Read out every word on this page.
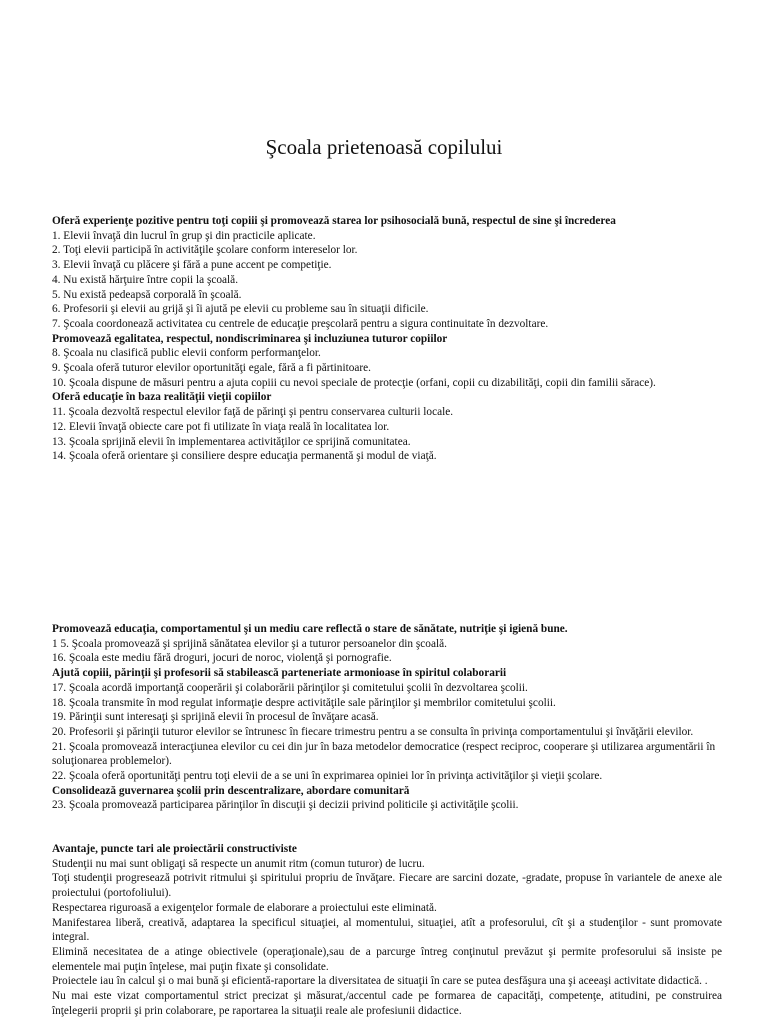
Şcoala prietenoasă copilului

Oferă experienţe pozitive pentru toţi copiii şi promovează starea lor psihosocială bună, respectul de sine şi încrederea

1. Elevii învaţă din lucrul în grup şi din practicile aplicate.

2. Toţi elevii participă în activităţile şcolare conform intereselor lor.

3. Elevii învaţă cu plăcere şi fără a pune accent pe competiţie.

4. Nu există hărţuire între copii la şcoală.

5. Nu există pedeapsă corporală în şcoală.

6. Profesorii şi elevii au grijă şi îi ajută pe elevii cu probleme sau în situaţii dificile.

7. Şcoala coordonează activitatea cu centrele de educaţie preşcolară pentru a sigura continuitate în dezvoltare.

Promovează egalitatea, respectul, nondiscriminarea şi incluziunea tuturor copiilor

8. Şcoala nu clasifică public elevii conform performanţelor.

9. Şcoala oferă tuturor elevilor oportunităţi egale, fără a fi părtinitoare.

10. Şcoala dispune de măsuri pentru a ajuta copiii cu nevoi speciale de protecţie (orfani, copii cu dizabilităţi, copii din familii sărace).

Oferă educaţie în baza realităţii vieţii copiilor

11. Şcoala dezvoltă respectul elevilor faţă de părinţi şi pentru conservarea culturii locale.

12. Elevii învaţă obiecte care pot fi utilizate în viaţa reală în localitatea lor.

13. Şcoala sprijină elevii în implementarea activităţilor ce sprijină comunitatea.

14. Şcoala oferă orientare şi consiliere despre educaţia permanentă şi modul de viaţă.

Promovează educaţia, comportamentul şi un mediu care reflectă o stare de sănătate, nutriţie şi igienă bune.

1 5. Şcoala promovează şi sprijină sănătatea elevilor şi a tuturor persoanelor din şcoală.

16. Şcoala este mediu fără droguri, jocuri de noroc, violenţă şi pornografie.

Ajută copiii, părinţii şi profesorii să stabilească parteneriate armonioase în spiritul colaborarii

17. Şcoala acordă importanţă cooperării şi colaborării părinţilor şi comitetului şcolii în dezvoltarea şcolii.

18. Şcoala transmite în mod regulat informaţie despre activităţile sale părinţilor şi membrilor comitetului şcolii.

19. Părinţii sunt interesaţi şi sprijină elevii în procesul de învăţare acasă.

20. Profesorii şi părinţii tuturor elevilor se întrunesc în fiecare trimestru pentru a se consulta în privinţa comportamentului şi învăţării elevilor.

21. Şcoala promovează interacţiunea elevilor cu cei din jur în baza metodelor democratice (respect reciproc, cooperare şi utilizarea argumentării în soluţionarea problemelor).

22. Şcoala oferă oportunităţi pentru toţi elevii de a se uni în exprimarea opiniei lor în privinţa activităţilor şi vieţii şcolare.

Consolidează guvernarea şcolii prin descentralizare, abordare comunitară

23. Şcoala promovează participarea părinţilor în discuţii şi decizii privind politicile şi activităţile şcolii.

Avantaje, puncte tari ale proiectării constructiviste

Studenţii nu mai sunt obligaţi să respecte un anumit ritm (comun tuturor) de lucru.

Toţi studenţii progresează potrivit ritmului şi spiritului propriu de învăţare. Fiecare are sarcini dozate, -gradate, propuse în variantele de anexe ale proiectului (portofoliului).

Respectarea riguroasă a exigenţelor formale de elaborare a proiectului este eliminată.

Manifestarea liberă, creativă, adaptarea la specificul situaţiei, al momentului, situaţiei, atît a profesorului, cît şi a studenţilor - sunt promovate integral.

Elimină necesitatea de a atinge obiectivele (operaţionale),sau de a parcurge întreg conţinutul prevăzut şi permite profesorului să insiste pe elementele mai puţin înţelese, mai puţin fixate şi consolidate.

Proiectele iau în calcul şi o mai bună şi eficientă-raportare la diversitatea de situaţii în care se putea desfăşura una şi aceeaşi activitate didactică. .

Nu mai este vizat comportamentul strict precizat şi măsurat,/accentul cade pe formarea de capacităţi, competenţe, atitudini, pe construirea înţelegerii proprii şi prin colaborare, pe raportarea la situaţii reale ale profesiunii didactice.
